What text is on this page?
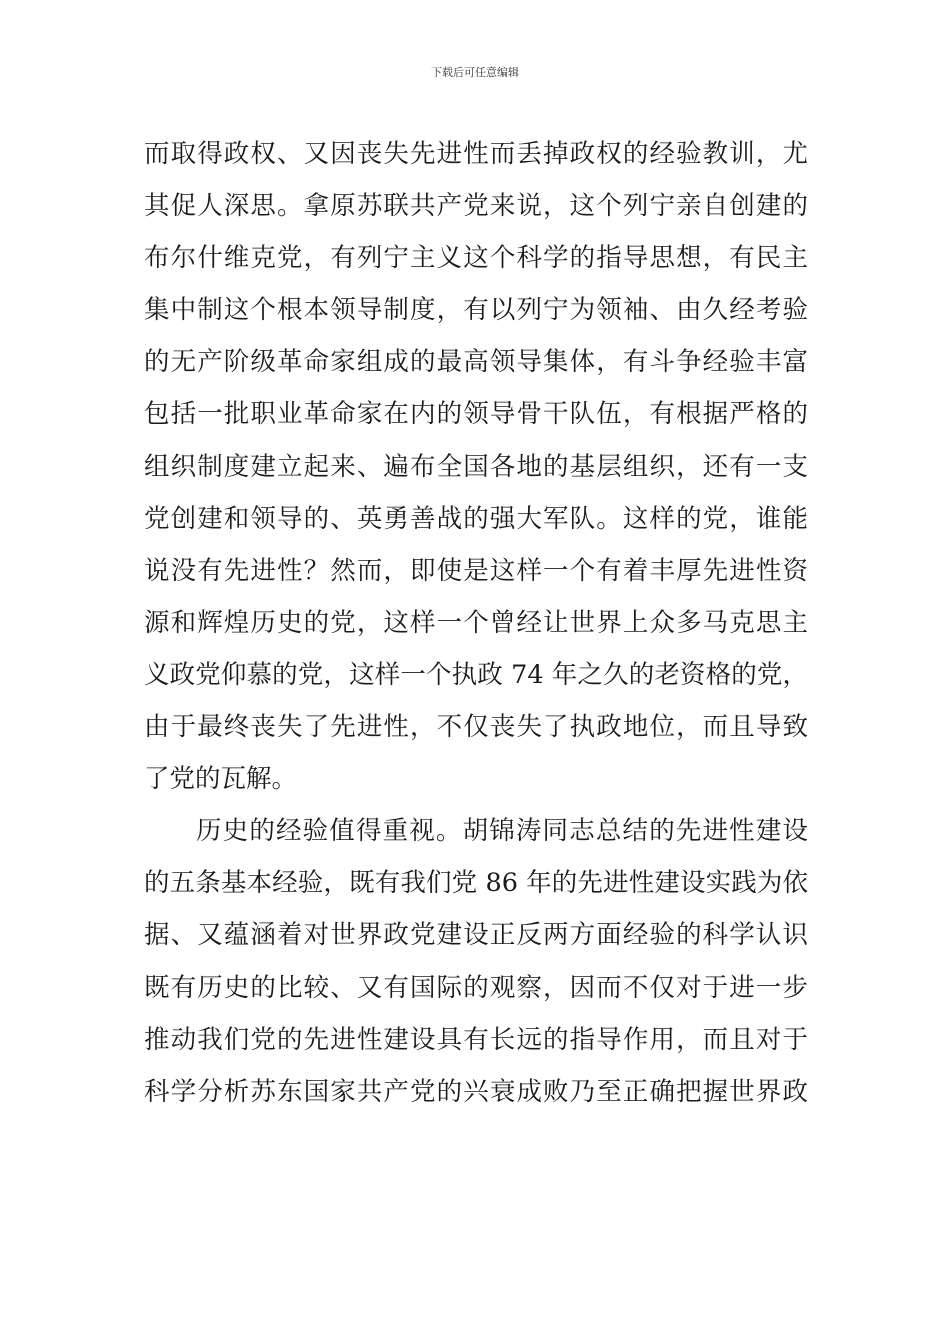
下载后可任意编辑
而取得政权、又因丧失先进性而丢掉政权的经验教训，尤
其促人深思。拿原苏联共产党来说，这个列宁亲自创建的
布尔什维克党，有列宁主义这个科学的指导思想，有民主
集中制这个根本领导制度，有以列宁为领袖、由久经考验
的无产阶级革命家组成的最高领导集体，有斗争经验丰富
包括一批职业革命家在内的领导骨干队伍，有根据严格的
组织制度建立起来、遍布全国各地的基层组织，还有一支
党创建和领导的、英勇善战的强大军队。这样的党，谁能
说没有先进性？然而，即使是这样一个有着丰厚先进性资
源和辉煌历史的党，这样一个曾经让世界上众多马克思主
义政党仰慕的党，这样一个执政 74 年之久的老资格的党，
由于最终丧失了先进性，不仅丧失了执政地位，而且导致
了党的瓦解。
历史的经验值得重视。胡锦涛同志总结的先进性建设
的五条基本经验，既有我们党 86 年的先进性建设实践为依
据、又蕴涵着对世界政党建设正反两方面经验的科学认识
既有历史的比较、又有国际的观察，因而不仅对于进一步
推动我们党的先进性建设具有长远的指导作用，而且对于
科学分析苏东国家共产党的兴衰成败乃至正确把握世界政
